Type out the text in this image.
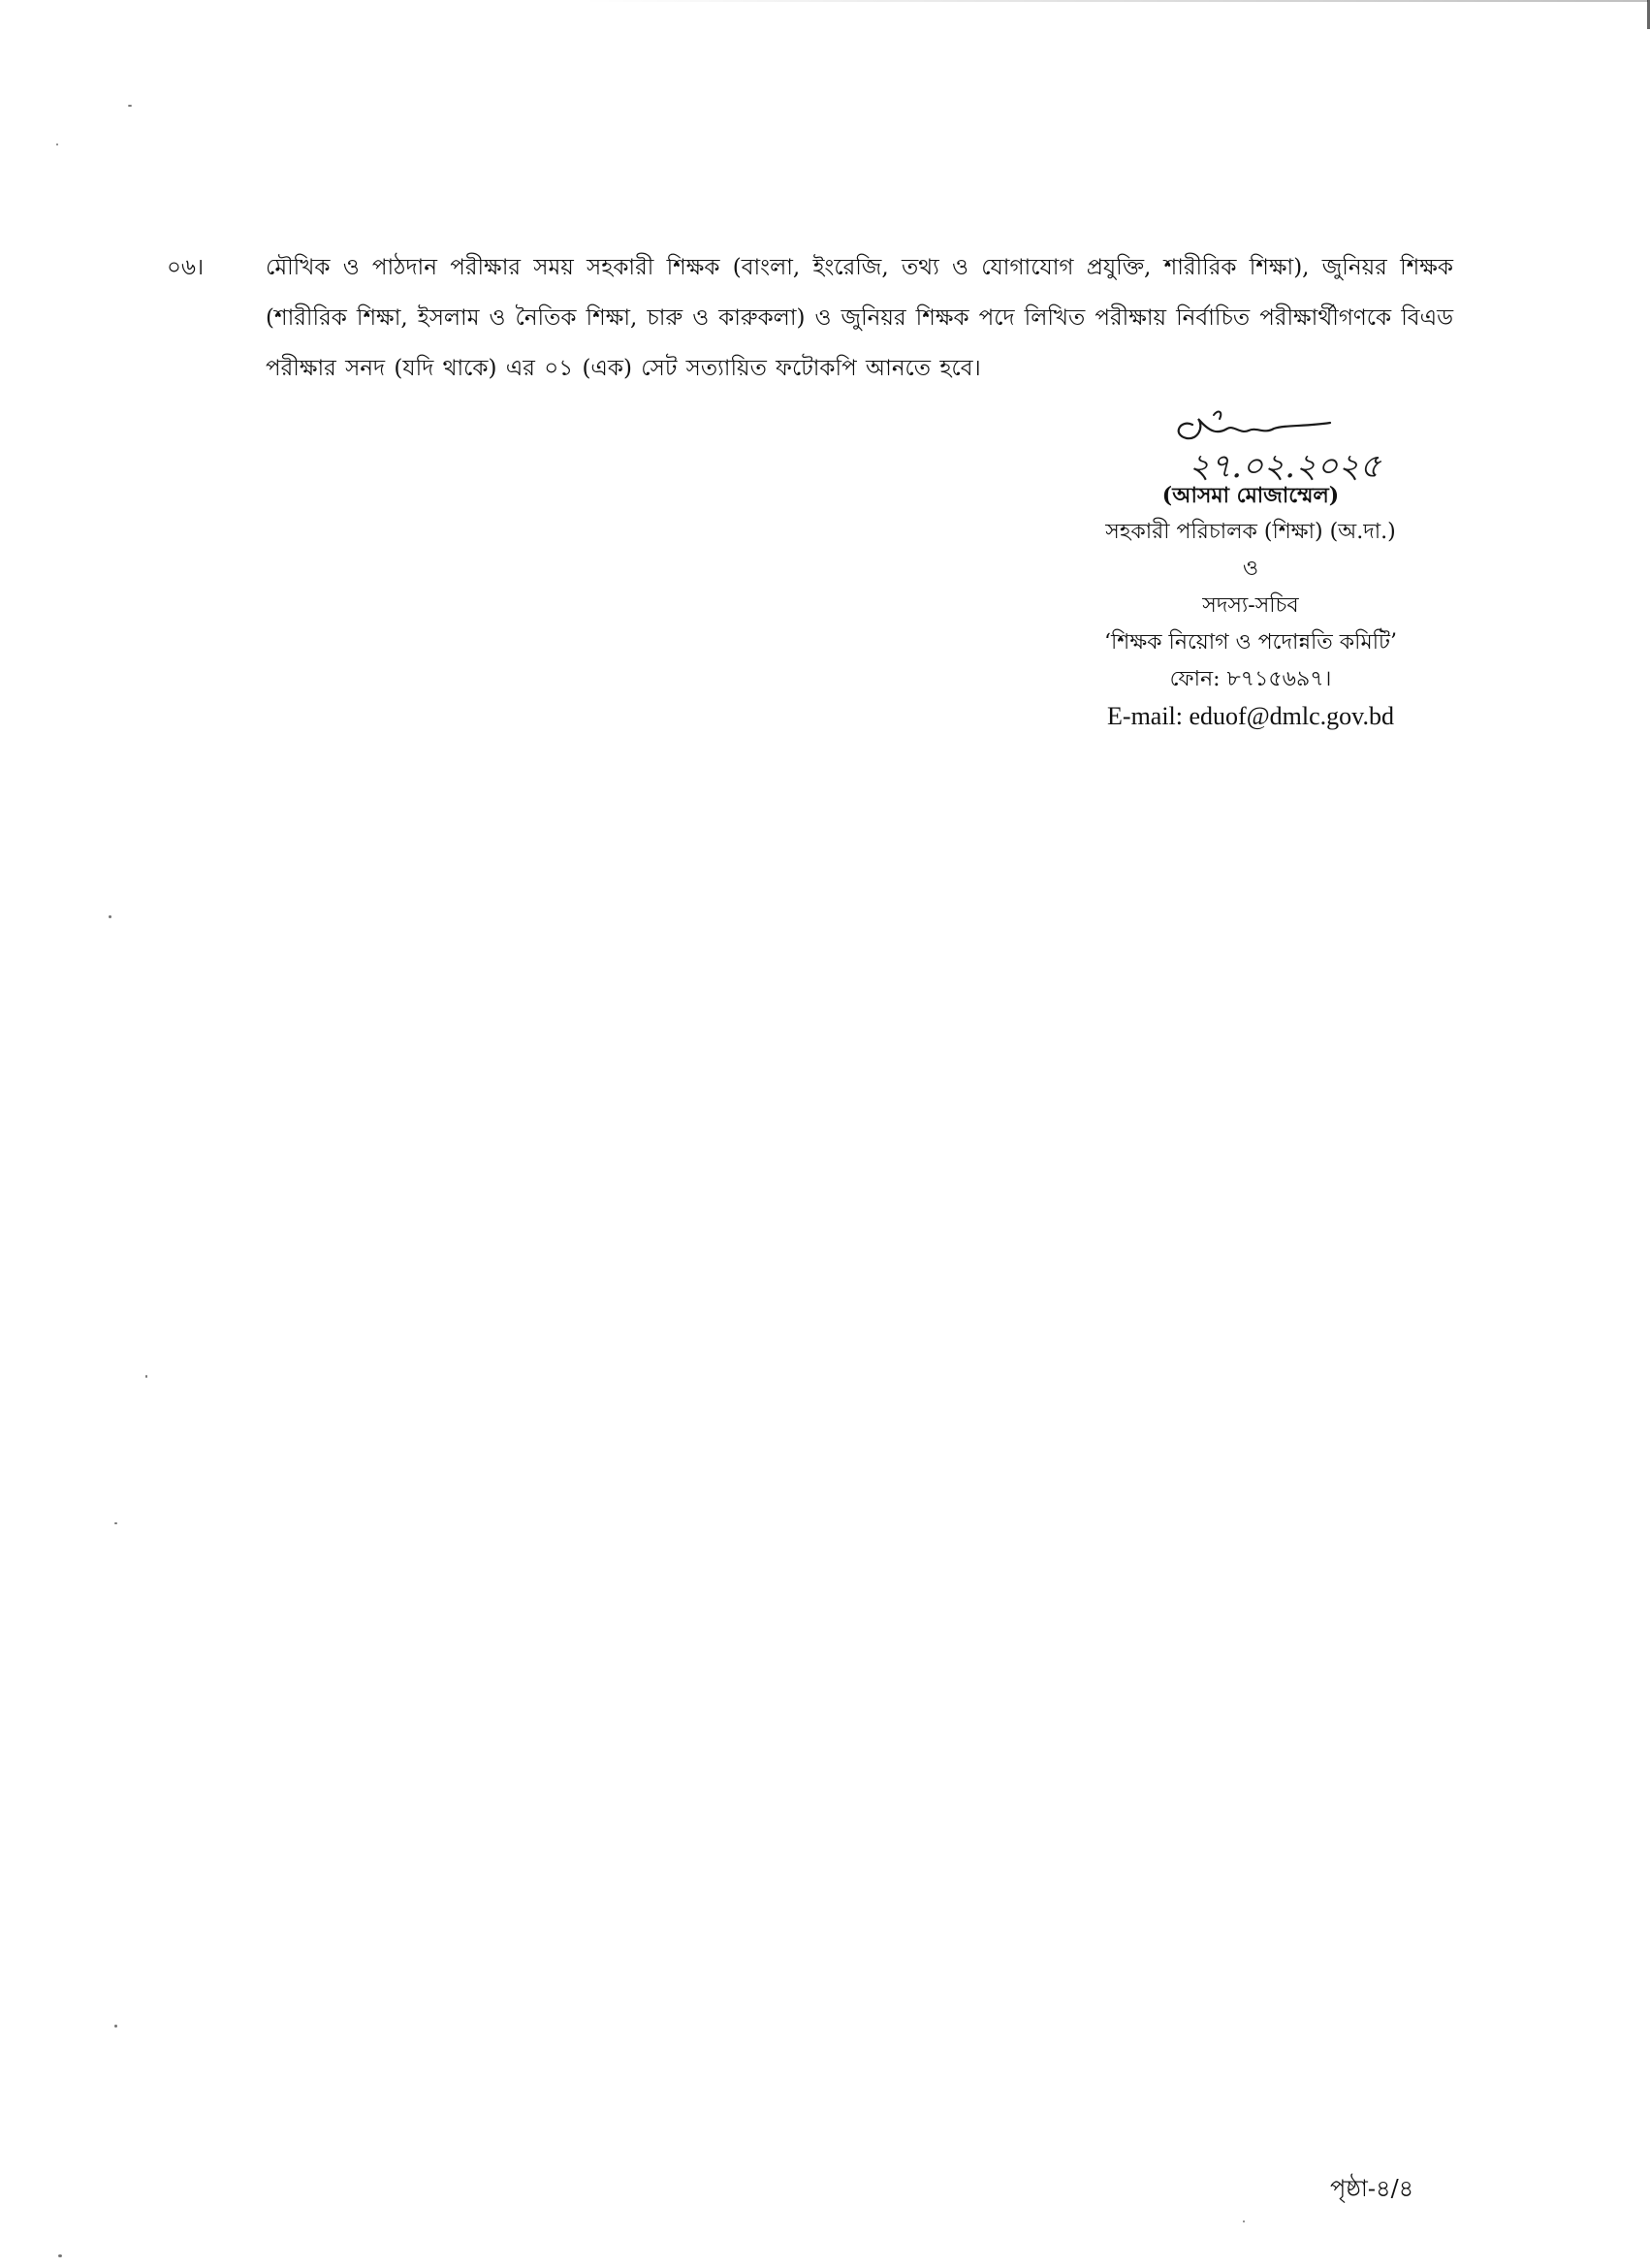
০৬।	মৌখিক ও পাঠদান পরীক্ষার সময় সহকারী শিক্ষক (বাংলা, ইংরেজি, তথ্য ও যোগাযোগ প্রযুক্তি, শারীরিক শিক্ষা), জুনিয়র শিক্ষক (শারীরিক শিক্ষা, ইসলাম ও নৈতিক শিক্ষা, চারু ও কারুকলা) ও জুনিয়র শিক্ষক পদে লিখিত পরীক্ষায় নির্বাচিত পরীক্ষার্থীগণকে বিএড পরীক্ষার সনদ (যদি থাকে) এর ০১ (এক) সেট সত্যায়িত ফটোকপি আনতে হবে।
২৭.০২.২০২৫
(আসমা মোজাম্মেল)
সহকারী পরিচালক (শিক্ষা) (অ.দা.)
ও
সদস্য-সচিব
‘শিক্ষক নিয়োগ ও পদোন্নতি কমিটি’
ফোন: ৮৭১৫৬৯৭।
E-mail: eduof@dmlc.gov.bd
পৃষ্ঠা-৪/৪
